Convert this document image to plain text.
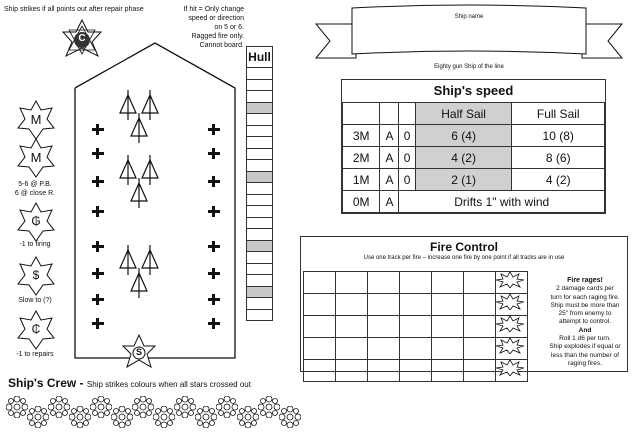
Ship strikes if all points out after repair phase	If hit = Only change
speed or direction
on 5 or 6.
Ragged fire only.
Cannot board.
C
S
M
M
5-6 @ P.B.
6 @ close R.
₲
-1 to firing
$
Slow to (?)
₵
-1 to repairs
Hull

Ship name
Eighty gun Ship of the line
Ship's speed
			Half Sail	Full Sail
3M	A	0	6 (4)	10 (8)
2M	A	0	4 (2)	8 (6)
1M	A	0	2 (1)	4 (2)
0M	A	Drifts 1" with wind		
Fire Control
Use one track per fire – increase one fire by one point if all tracks are in use

Fire rages!
2 damage cards per
turn for each raging fire.
Ship must be more than
25" from enemy to
attempt to control.
And
Roll 1 d6 per turn.
Ship explodes if equal or
less than the number of
raging fires.
Ship's Crew - Ship strikes colours when all stars crossed out
